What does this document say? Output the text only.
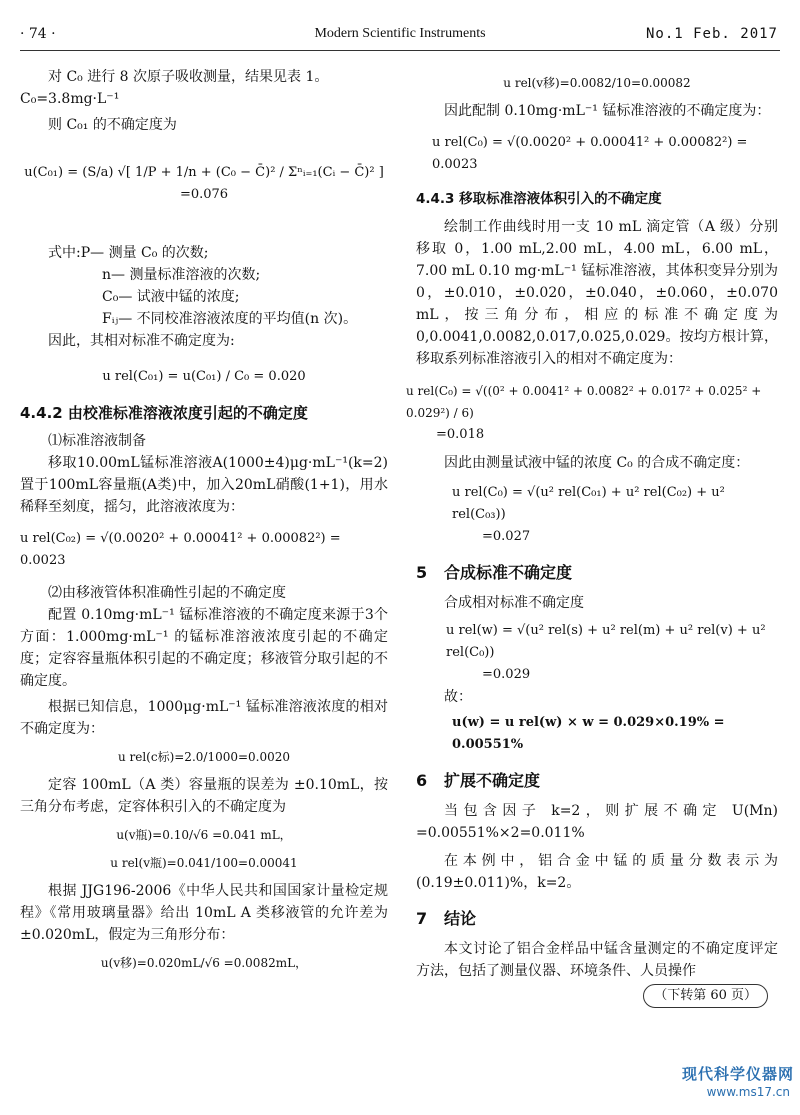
· 74 ·	Modern Scientific Instruments	No.1 Feb. 2017

对 C₀ 进行 8 次原子吸收测量，结果见表 1。

C₀=3.8mg·L⁻¹

则 C₀₁ 的不确定度为

u(C₀₁) = (S/a) √[ 1/P + 1/n + (C₀ − C̄)² / Σⁿᵢ₌₁(Cᵢ − C̄)² ] =0.076

式中:P— 测量 C₀ 的次数;

n— 测量标准溶液的次数;

C₀— 试液中锰的浓度;

Fᵢⱼ— 不同校准溶液浓度的平均值(n 次)。

因此，其相对标准不确定度为:

u rel(C₀₁) = u(C₀₁) / C₀ = 0.020

4.4.2 由校准标准溶液浓度引起的不确定度

⑴标准溶液制备

移取10.00mL锰标准溶液A(1000±4)μg·mL⁻¹(k=2)置于100mL容量瓶(A类)中，加入20mL硝酸(1+1)，用水稀释至刻度，摇匀，此溶液浓度为：

u rel(C₀₂) = √(0.0020² + 0.00041² + 0.00082²) = 0.0023

⑵由移液管体积准确性引起的不确定度

配置 0.10mg·mL⁻¹ 锰标准溶液的不确定度来源于3个方面：1.000mg·mL⁻¹ 的锰标准溶液浓度引起的不确定度；定容容量瓶体积引起的不确定度；移液管分取引起的不确定度。

根据已知信息，1000μg·mL⁻¹ 锰标准溶液浓度的相对不确定度为：

u rel(c标)=2.0/1000=0.0020

定容 100mL（A 类）容量瓶的误差为 ±0.10mL，按三角分布考虑，定容体积引入的不确定度为

u(v瓶)=0.10/√6 =0.041 mL，

u rel(v瓶)=0.041/100=0.00041

根据 JJG196-2006《中华人民共和国国家计量检定规程》《常用玻璃量器》给出 10mL A 类移液管的允许差为 ±0.020mL，假定为三角形分布：

u(v移)=0.020mL/√6 =0.0082mL，

u rel(v移)=0.0082/10=0.00082

因此配制 0.10mg·mL⁻¹ 锰标准溶液的不确定度为：

u rel(C₀) = √(0.0020² + 0.00041² + 0.00082²) = 0.0023

4.4.3 移取标准溶液体积引入的不确定度

绘制工作曲线时用一支 10 mL 滴定管（A 级）分别移取 0，1.00 mL,2.00 mL，4.00 mL，6.00 mL，7.00 mL 0.10 mg·mL⁻¹ 锰标准溶液，其体积变异分别为 0，±0.010，±0.020，±0.040，±0.060，±0.070 mL，按三角分布，相应的标准不确定度为 0,0.0041,0.0082,0.017,0.025,0.029。按均方根计算，移取系列标准溶液引入的相对不确定度为：

u rel(C₀) = √((0² + 0.0041² + 0.0082² + 0.017² + 0.025² + 0.029²) / 6)

=0.018

因此由测量试液中锰的浓度 C₀ 的合成不确定度：

u rel(C₀) = √(u² rel(C₀₁) + u² rel(C₀₂) + u² rel(C₀₃))

=0.027

5 合成标准不确定度

合成相对标准不确定度

u rel(w) = √(u² rel(s) + u² rel(m) + u² rel(v) + u² rel(C₀))

=0.029

故：

u(w) = u rel(w) × w = 0.029×0.19% = 0.00551%

6 扩展不确定度

当包含因子 k=2，则扩展不确定 U(Mn) =0.00551%×2=0.011%

在本例中，铝合金中锰的质量分数表示为(0.19±0.011)%，k=2。

7 结论

本文讨论了铝合金样品中锰含量测定的不确定度评定方法，包括了测量仪器、环境条件、人员操作

（下转第 60 页）

现代科学仪器网
www.ms17.cn
